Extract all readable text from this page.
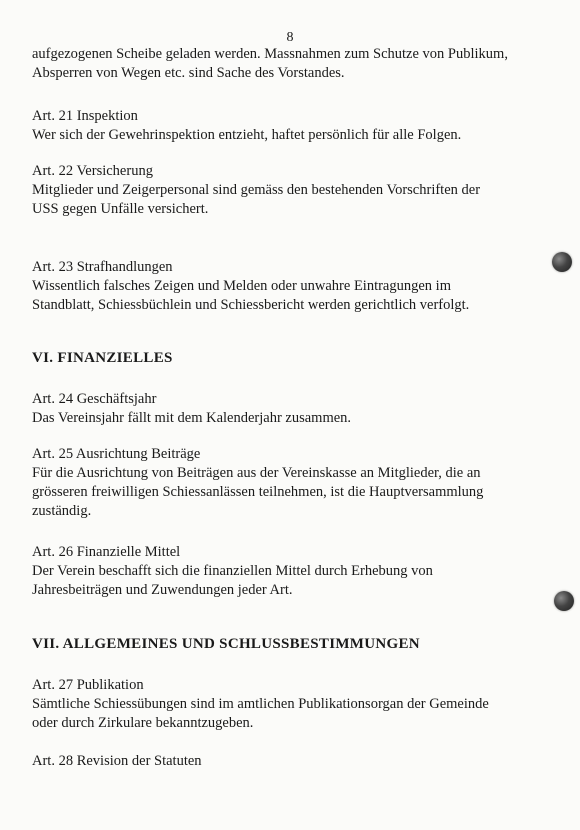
8

aufgezogenen Scheibe geladen werden. Massnahmen zum Schutze von Publikum,

Absperren von Wegen etc. sind Sache des Vorstandes.

Art. 21 Inspektion

Wer sich der Gewehrinspektion entzieht, haftet persönlich für alle Folgen.

Art. 22 Versicherung

Mitglieder und Zeigerpersonal sind gemäss den bestehenden Vorschriften der

USS gegen Unfälle versichert.

Art. 23 Strafhandlungen

Wissentlich falsches Zeigen und Melden oder unwahre Eintragungen im

Standblatt, Schiessbüchlein und Schiessbericht werden gerichtlich verfolgt.

VI. FINANZIELLES

Art. 24 Geschäftsjahr

Das Vereinsjahr fällt mit dem Kalenderjahr zusammen.

Art. 25 Ausrichtung Beiträge

Für die Ausrichtung von Beiträgen aus der Vereinskasse an Mitglieder, die an

grösseren freiwilligen Schiessanlässen teilnehmen, ist die Hauptversammlung

zuständig.

Art. 26 Finanzielle Mittel

Der Verein beschafft sich die finanziellen Mittel durch Erhebung von

Jahresbeiträgen und Zuwendungen jeder Art.

VII. ALLGEMEINES UND SCHLUSSBESTIMMUNGEN

Art. 27 Publikation

Sämtliche Schiessübungen sind im amtlichen Publikationsorgan der Gemeinde

oder durch Zirkulare bekanntzugeben.

Art. 28 Revision der Statuten
